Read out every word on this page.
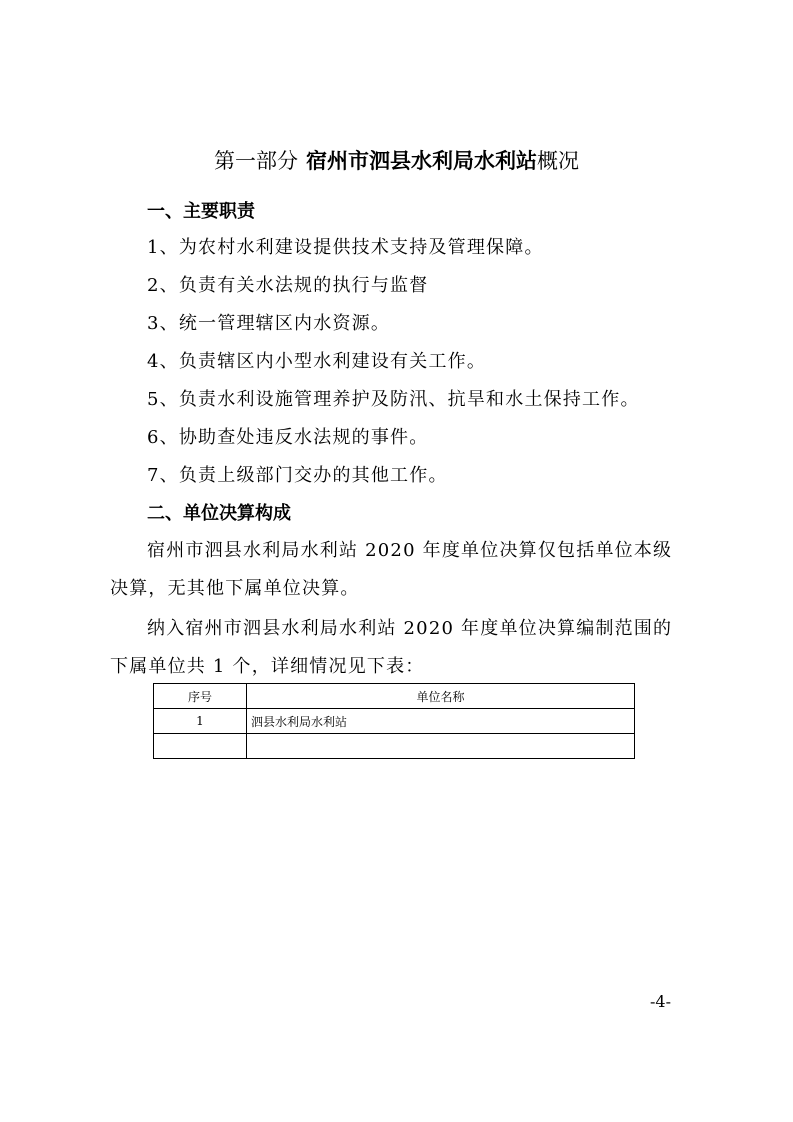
第一部分 宿州市泗县水利局水利站概况
一、主要职责
1、为农村水利建设提供技术支持及管理保障。
2、负责有关水法规的执行与监督
3、统一管理辖区内水资源。
4、负责辖区内小型水利建设有关工作。
5、负责水利设施管理养护及防汛、抗旱和水土保持工作。
6、协助查处违反水法规的事件。
7、负责上级部门交办的其他工作。
二、单位决算构成
宿州市泗县水利局水利站 2020 年度单位决算仅包括单位本级决算，无其他下属单位决算。
纳入宿州市泗县水利局水利站 2020 年度单位决算编制范围的下属单位共 1 个，详细情况见下表：
序号	单位名称
1	泗县水利局水利站

-4-
